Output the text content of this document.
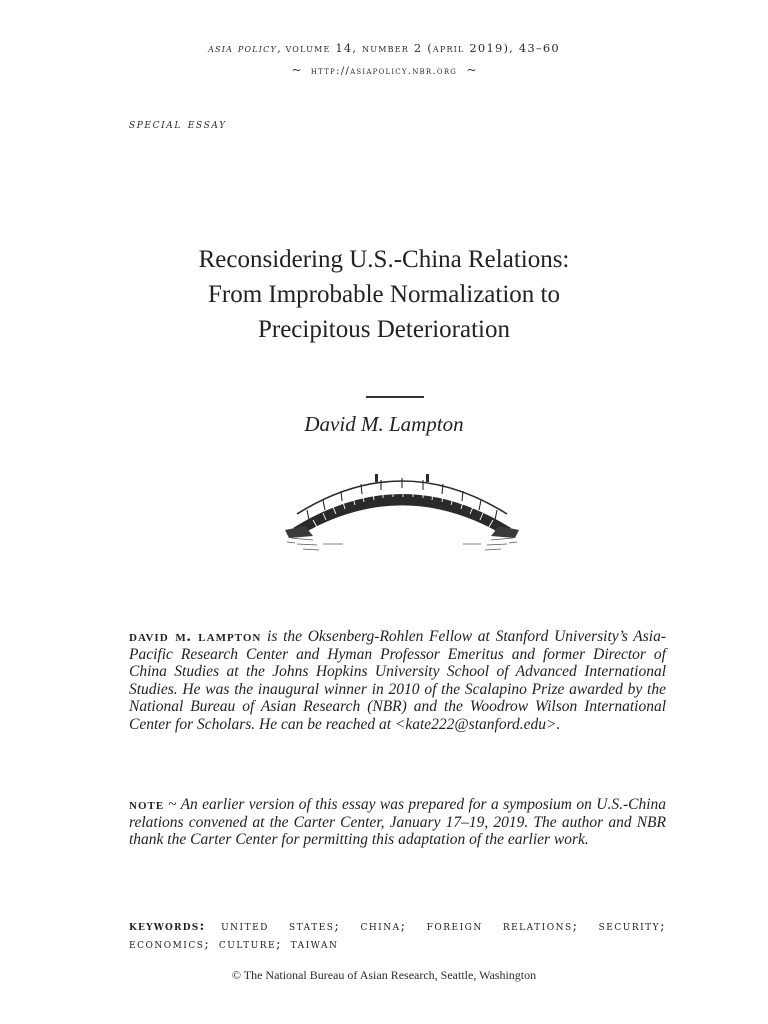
asia policy, volume 14, number 2 (april 2019), 43–60
~ http://asiapolicy.nbr.org ~
special essay
Reconsidering U.S.-China Relations:
From Improbable Normalization to
Precipitous Deterioration
David M. Lampton
david m. lampton is the Oksenberg-Rohlen Fellow at Stanford University’s Asia-Pacific Research Center and Hyman Professor Emeritus and former Director of China Studies at the Johns Hopkins University School of Advanced International Studies. He was the inaugural winner in 2010 of the Scalapino Prize awarded by the National Bureau of Asian Research (NBR) and the Woodrow Wilson International Center for Scholars. He can be reached at <kate222@stanford.edu>.
note ~ An earlier version of this essay was prepared for a symposium on U.S.-China relations convened at the Carter Center, January 17–19, 2019. The author and NBR thank the Carter Center for permitting this adaptation of the earlier work.
keywords: united states; china; foreign relations; security; economics; culture; taiwan
© The National Bureau of Asian Research, Seattle, Washington
